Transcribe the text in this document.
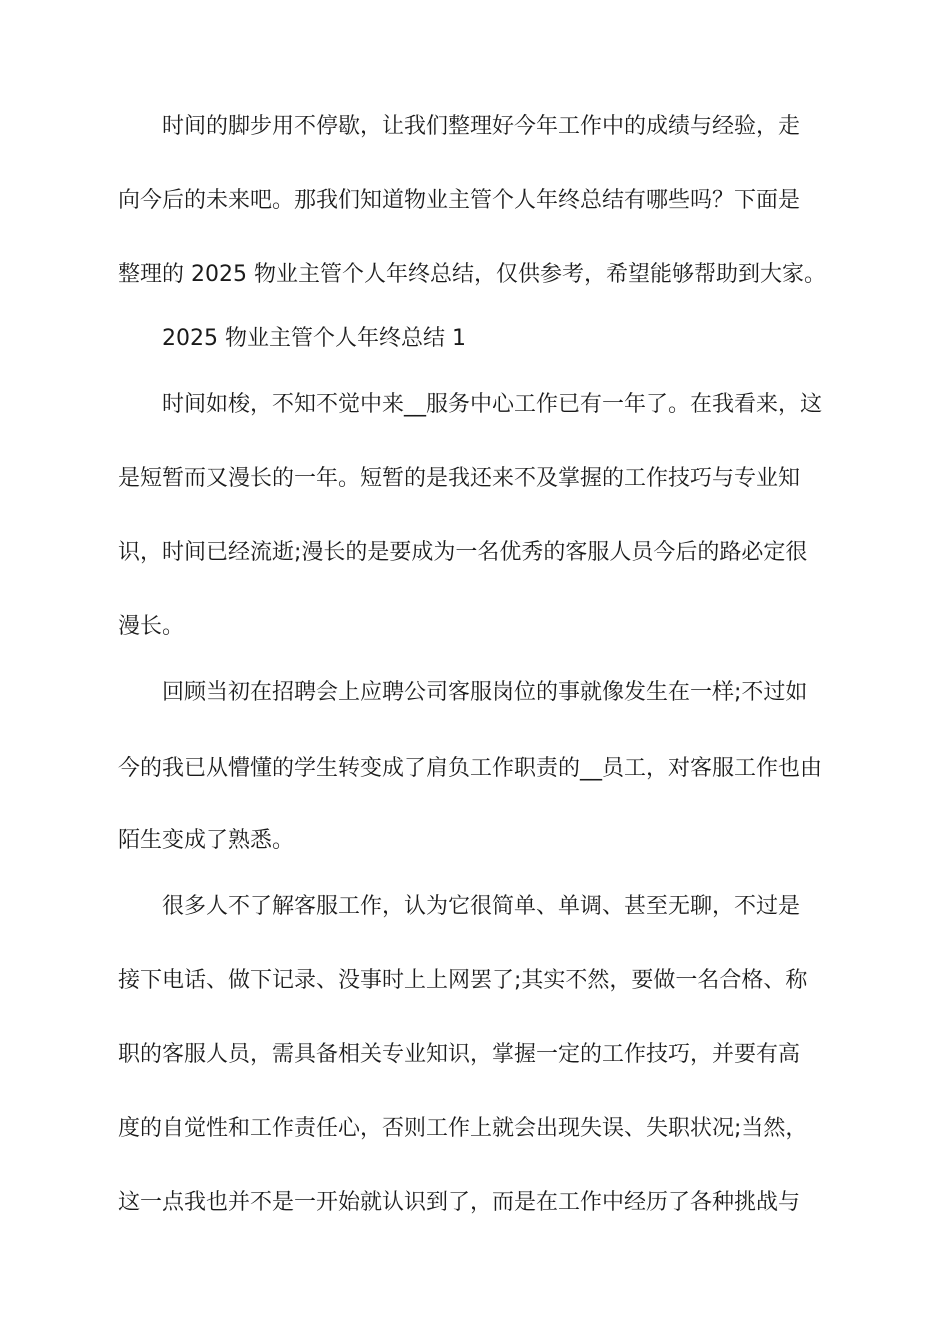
时间的脚步用不停歇，让我们整理好今年工作中的成绩与经验，走
向今后的未来吧。那我们知道物业主管个人年终总结有哪些吗？下面是
整理的 2025 物业主管个人年终总结，仅供参考，希望能够帮助到大家。
2025 物业主管个人年终总结 1
时间如梭，不知不觉中来__服务中心工作已有一年了。在我看来，这
是短暂而又漫长的一年。短暂的是我还来不及掌握的工作技巧与专业知
识，时间已经流逝;漫长的是要成为一名优秀的客服人员今后的路必定很
漫长。
回顾当初在招聘会上应聘公司客服岗位的事就像发生在一样;不过如
今的我已从懵懂的学生转变成了肩负工作职责的__员工，对客服工作也由
陌生变成了熟悉。
很多人不了解客服工作，认为它很简单、单调、甚至无聊，不过是
接下电话、做下记录、没事时上上网罢了;其实不然，要做一名合格、称
职的客服人员，需具备相关专业知识，掌握一定的工作技巧，并要有高
度的自觉性和工作责任心，否则工作上就会出现失误、失职状况;当然，
这一点我也并不是一开始就认识到了，而是在工作中经历了各种挑战与
